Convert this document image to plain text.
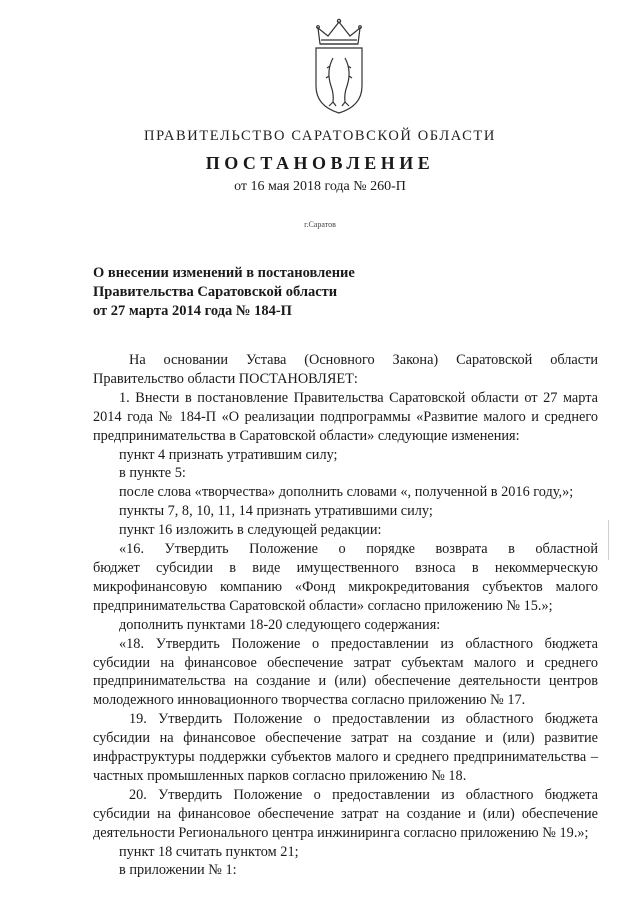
ПРАВИТЕЛЬСТВО САРАТОВСКОЙ ОБЛАСТИ
ПОСТАНОВЛЕНИЕ
от 16 мая 2018 года № 260-П
г.Саратов
О внесении изменений в постановление
Правительства Саратовской области
от 27 марта 2014 года № 184-П

На основании Устава (Основного Закона) Саратовской области

Правительство области ПОСТАНОВЛЯЕТ:

1. Внести в постановление Правительства Саратовской области от 27 марта

2014 года № 184-П «О реализации подпрограммы «Развитие малого и среднего

предпринимательства в Саратовской области» следующие изменения:

пункт 4 признать утратившим силу;

в пункте 5:

после слова «творчества» дополнить словами «, полученной в 2016 году,»;

пункты 7, 8, 10, 11, 14 признать утратившими силу;

пункт 16 изложить в следующей редакции:

«16. Утвердить Положение о порядке возврата в областной

бюджет субсидии в виде имущественного взноса в некоммерческую

микрофинансовую компанию «Фонд микрокредитования субъектов малого

предпринимательства Саратовской области» согласно приложению № 15.»;

дополнить пунктами 18-20 следующего содержания:

«18. Утвердить Положение о предоставлении из областного бюджета

субсидии на финансовое обеспечение затрат субъектам малого и среднего

предпринимательства на создание и (или) обеспечение деятельности центров

молодежного инновационного творчества согласно приложению № 17.

19. Утвердить Положение о предоставлении из областного бюджета

субсидии на финансовое обеспечение затрат на создание и (или) развитие

инфраструктуры поддержки субъектов малого и среднего предпринимательства –

частных промышленных парков согласно приложению № 18.

20. Утвердить Положение о предоставлении из областного бюджета

субсидии на финансовое обеспечение затрат на создание и (или) обеспечение

деятельности Регионального центра инжиниринга согласно приложению № 19.»;

пункт 18 считать пунктом 21;

в приложении № 1:
